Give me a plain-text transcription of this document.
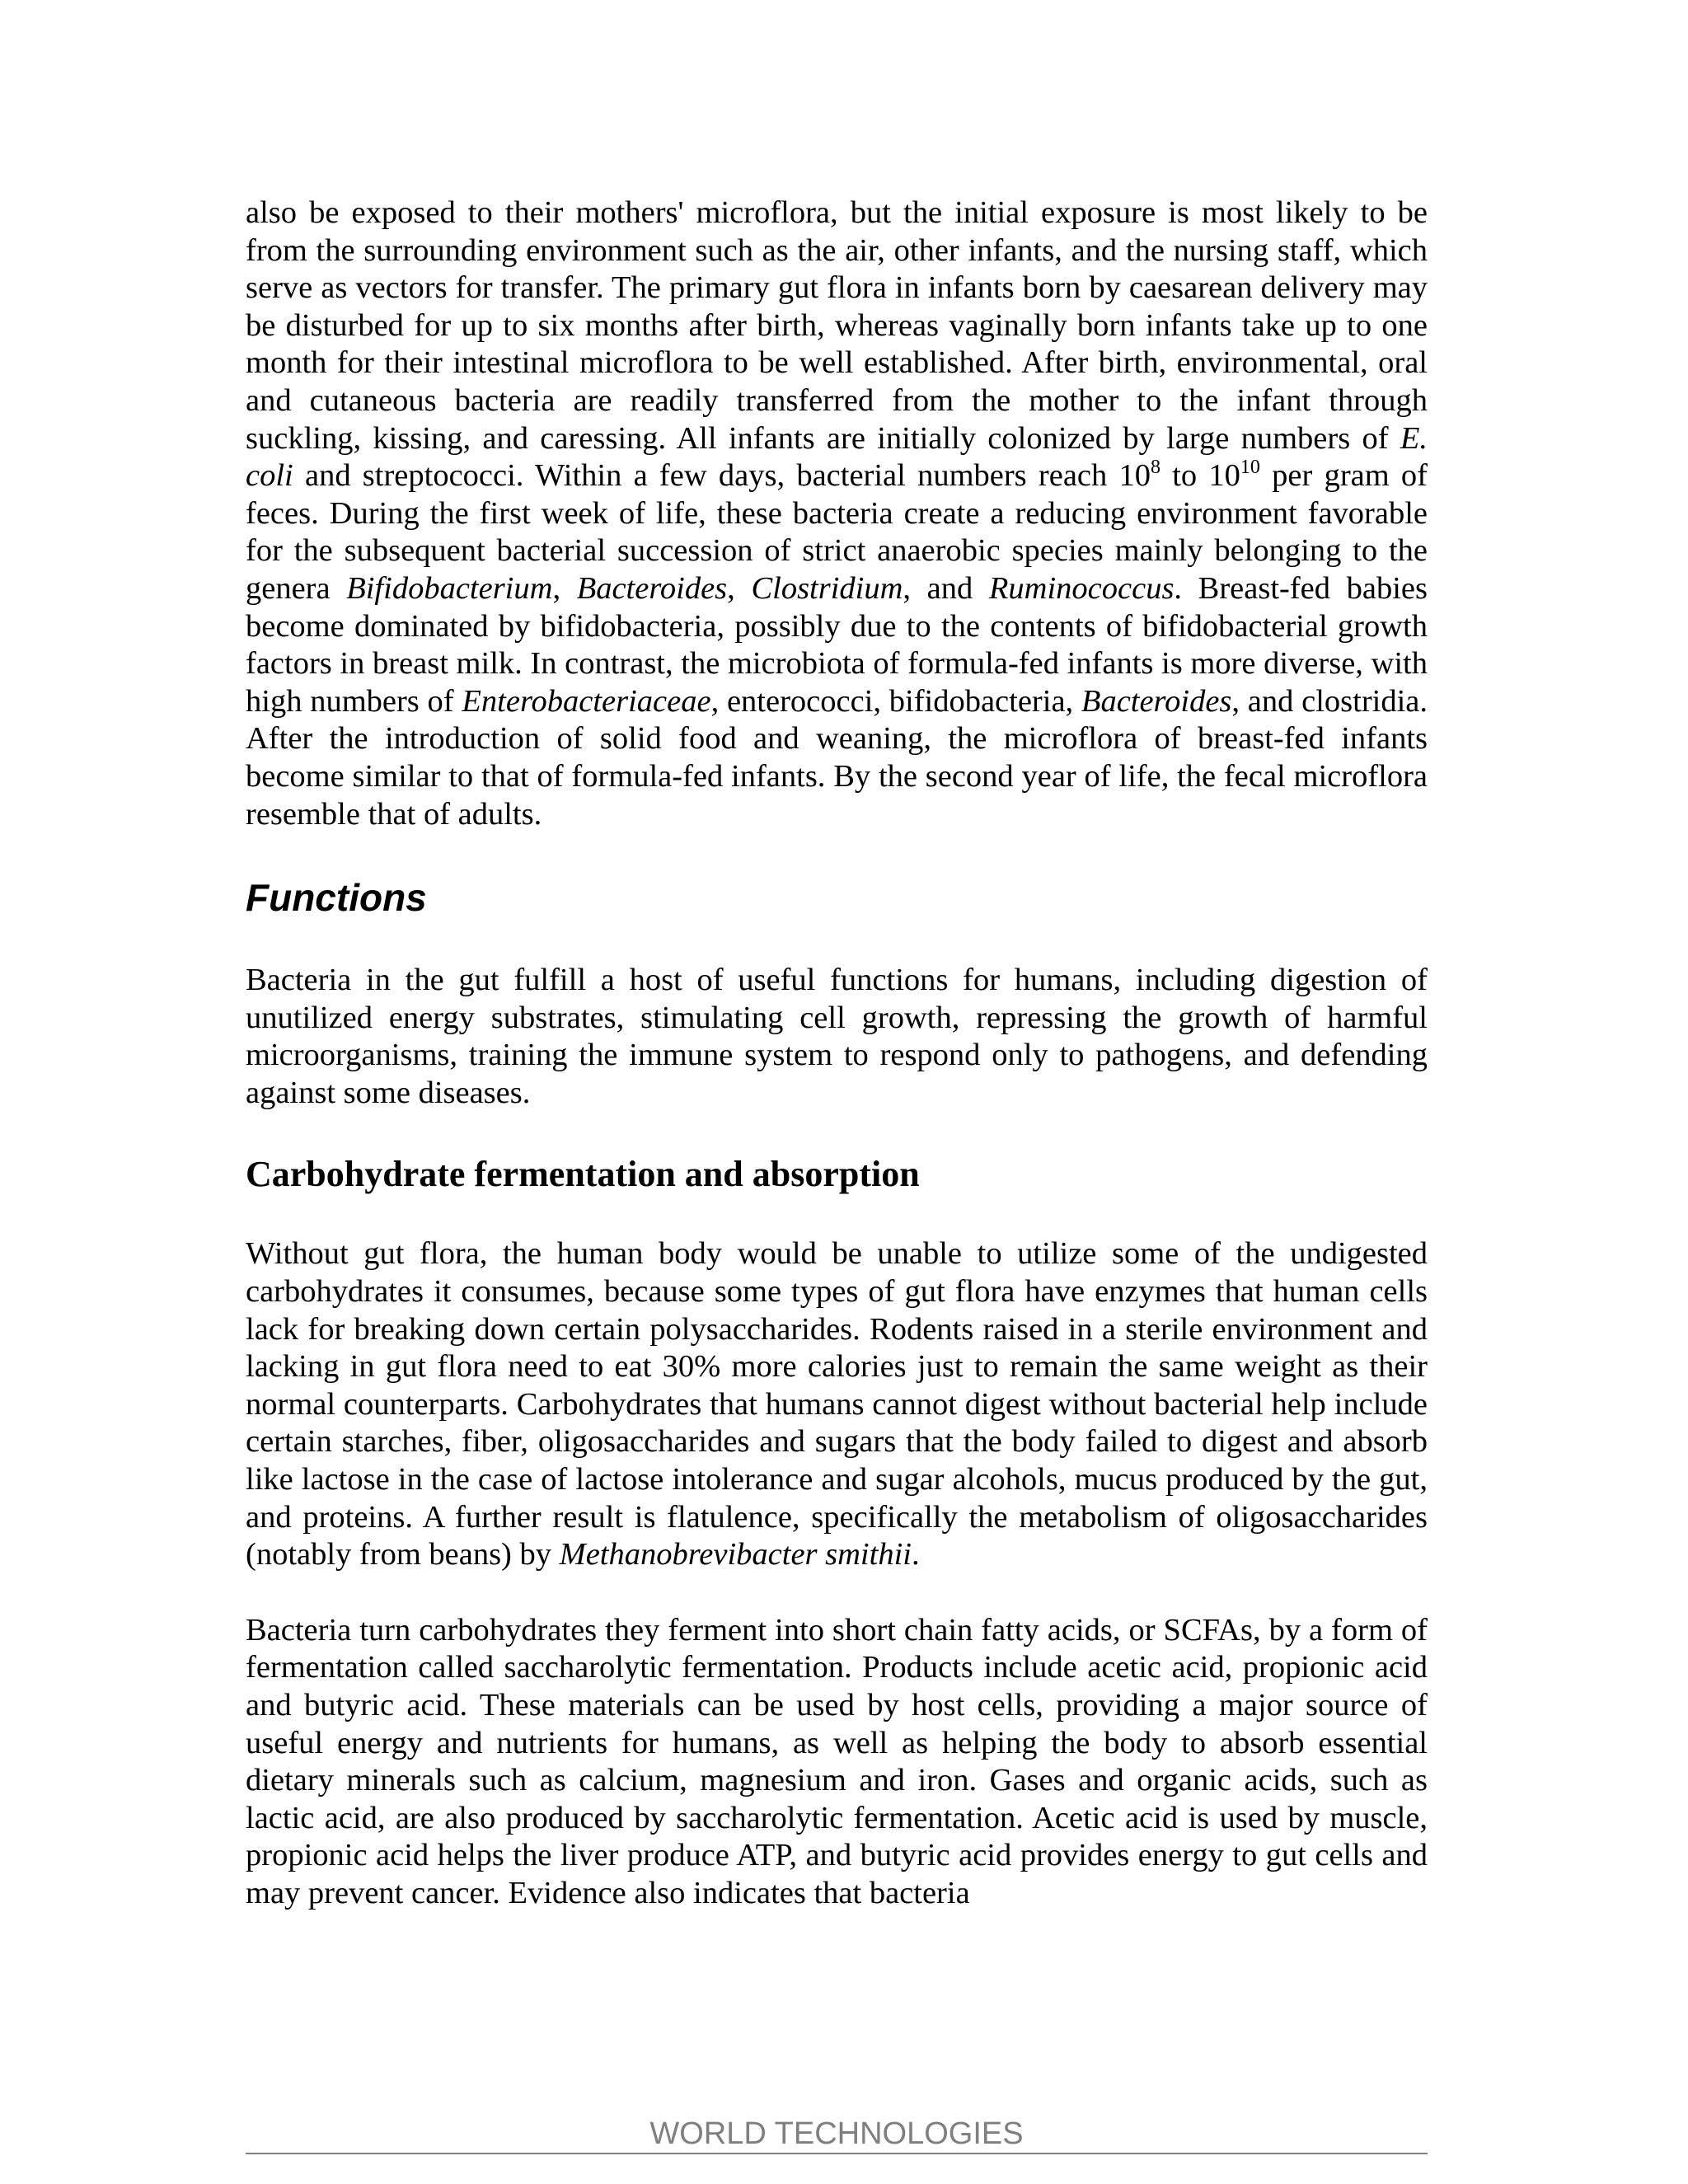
also be exposed to their mothers' microflora, but the initial exposure is most likely to be from the surrounding environment such as the air, other infants, and the nursing staff, which serve as vectors for transfer. The primary gut flora in infants born by caesarean delivery may be disturbed for up to six months after birth, whereas vaginally born infants take up to one month for their intestinal microflora to be well established. After birth, environmental, oral and cutaneous bacteria are readily transferred from the mother to the infant through suckling, kissing, and caressing. All infants are initially colonized by large numbers of E. coli and streptococci. Within a few days, bacterial numbers reach $10^8$ to $10^{10}$ per gram of feces. During the first week of life, these bacteria create a reducing environment favorable for the subsequent bacterial succession of strict anaerobic species mainly belonging to the genera Bifidobacterium, Bacteroides, Clostridium, and Ruminococcus. Breast-fed babies become dominated by bifidobacteria, possibly due to the contents of bifidobacterial growth factors in breast milk. In contrast, the microbiota of formula-fed infants is more diverse, with high numbers of Enterobacteriaceae, enterococci, bifidobacteria, Bacteroides, and clostridia. After the introduction of solid food and weaning, the microflora of breast-fed infants become similar to that of formula-fed infants. By the second year of life, the fecal microflora resemble that of adults.

Functions

Bacteria in the gut fulfill a host of useful functions for humans, including digestion of unutilized energy substrates, stimulating cell growth, repressing the growth of harmful microorganisms, training the immune system to respond only to pathogens, and defending against some diseases.

Carbohydrate fermentation and absorption

Without gut flora, the human body would be unable to utilize some of the undigested carbohydrates it consumes, because some types of gut flora have enzymes that human cells lack for breaking down certain polysaccharides. Rodents raised in a sterile environment and lacking in gut flora need to eat 30% more calories just to remain the same weight as their normal counterparts. Carbohydrates that humans cannot digest without bacterial help include certain starches, fiber, oligosaccharides and sugars that the body failed to digest and absorb like lactose in the case of lactose intolerance and sugar alcohols, mucus produced by the gut, and proteins. A further result is flatulence, specifically the metabolism of oligosaccharides (notably from beans) by Methanobrevibacter smithii.

Bacteria turn carbohydrates they ferment into short chain fatty acids, or SCFAs, by a form of fermentation called saccharolytic fermentation. Products include acetic acid, propionic acid and butyric acid. These materials can be used by host cells, providing a major source of useful energy and nutrients for humans, as well as helping the body to absorb essential dietary minerals such as calcium, magnesium and iron. Gases and organic acids, such as lactic acid, are also produced by saccharolytic fermentation. Acetic acid is used by muscle, propionic acid helps the liver produce ATP, and butyric acid provides energy to gut cells and may prevent cancer. Evidence also indicates that bacteria

WORLD TECHNOLOGIES
